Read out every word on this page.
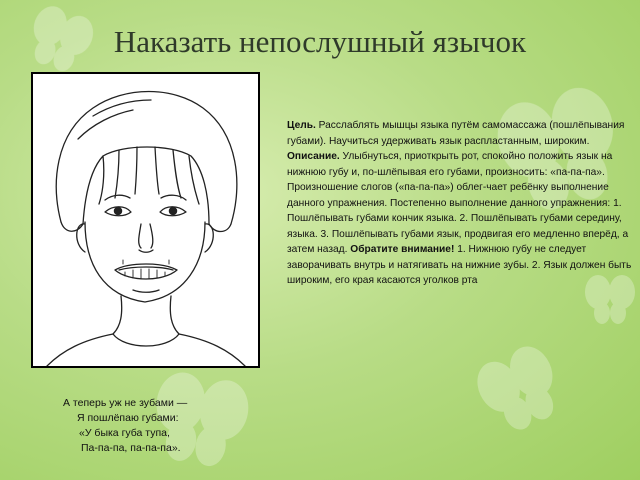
Наказать непослушный язычок

Цель. Расслаблять мышцы языка путём самомассажа (пошлёпывания губами). Научиться удерживать язык распластанным, широким. Описание. Улыбнуться, приоткрыть рот, спокойно положить язык на нижнюю губу и, по-шлёпывая его губами, произносить: «па-па-па». Произношение слогов («па-па-па») облег-чает ребёнку выполнение данного упражнения. Постепенно выполнение данного упражнения: 1. Пошлёпывать губами кончик языка. 2. Пошлёпывать губами середину, языка. 3. Пошлёпывать губами язык, продвигая его медленно вперёд, а затем назад. Обратите внимание! 1. Нижнюю губу не следует заворачивать внутрь и натягивать на нижние зубы. 2. Язык должен быть широким, его края касаются уголков рта

А теперь уж не зубами —
Я пошлёпаю губами:
«У быка губа тупа,
Па-па-па, па-па-па».
